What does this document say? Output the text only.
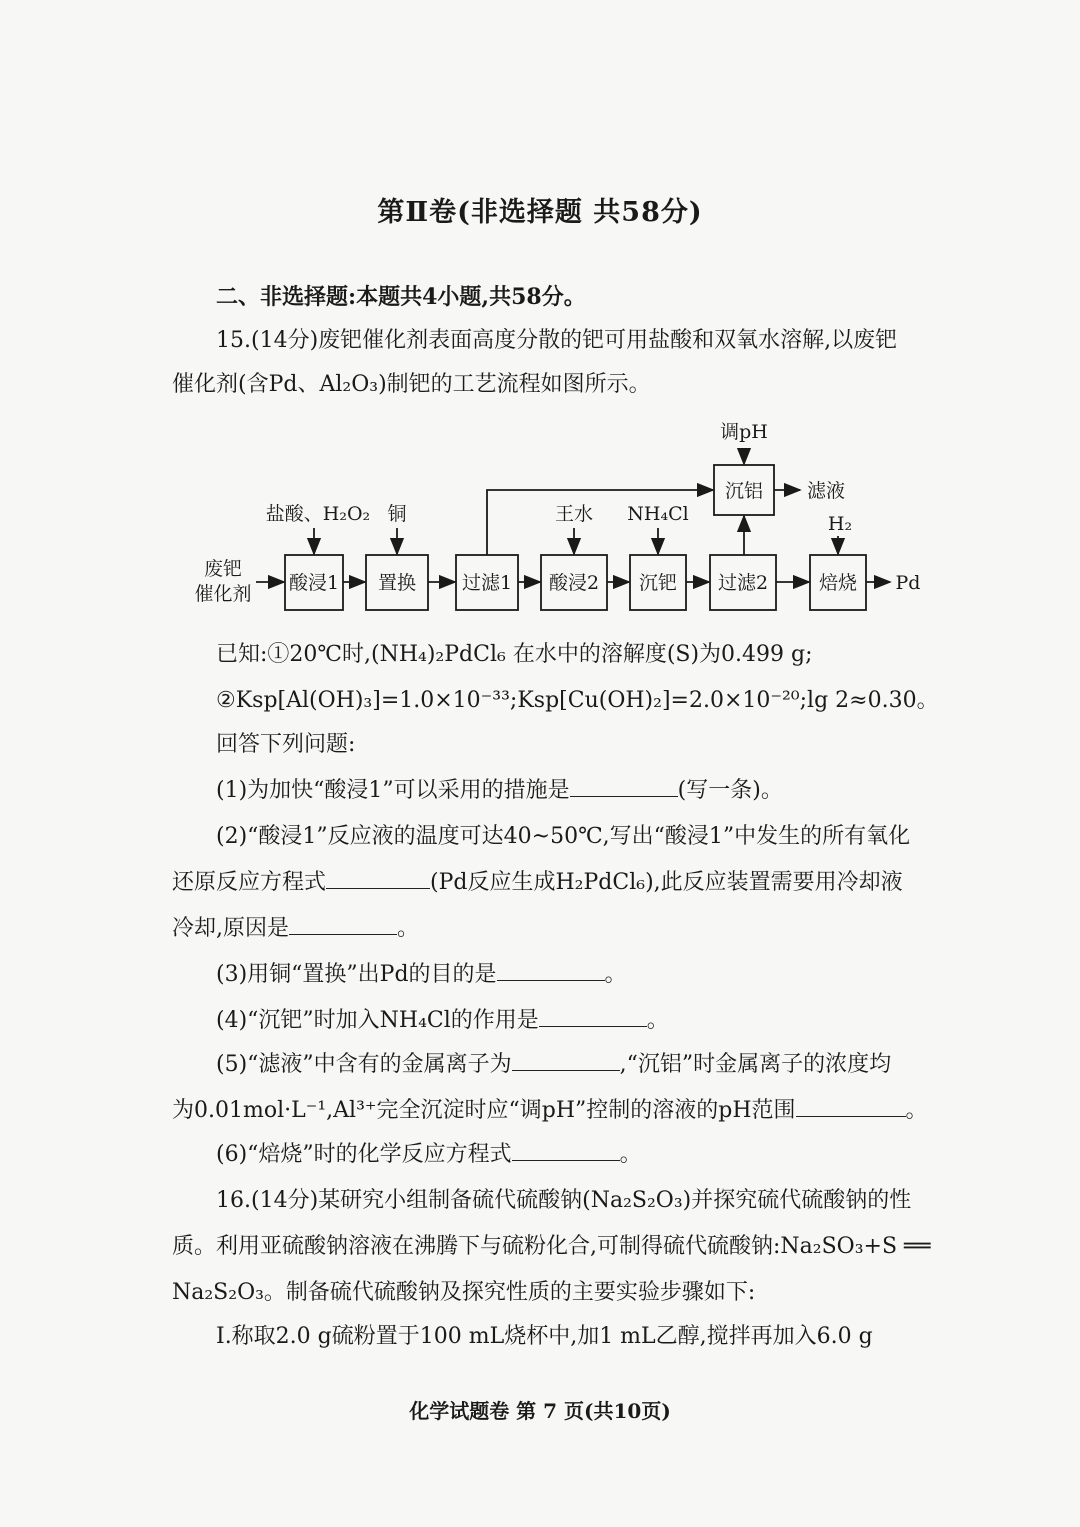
第Ⅱ卷(非选择题 共58分)
二、非选择题:本题共4小题,共58分。
15.(14分)废钯催化剂表面高度分散的钯可用盐酸和双氧水溶解,以废钯
催化剂(含Pd、Al₂O₃)制钯的工艺流程如图所示。
废钯
催化剂 酸浸1 置换 过滤1 酸浸2 沉钯 过滤2	焙烧
沉铝
盐酸、H₂O₂ 铜	王水 NH₄Cl	H₂
调pH
滤液
Pd
已知:①20℃时,(NH₄)₂PdCl₆ 在水中的溶解度(S)为0.499 g;
②Ksp[Al(OH)₃]=1.0×10⁻³³;Ksp[Cu(OH)₂]=2.0×10⁻²⁰;lg 2≈0.30。
回答下列问题:
(1)为加快“酸浸1”可以采用的措施是	(写一条)。
(2)“酸浸1”反应液的温度可达40~50℃,写出“酸浸1”中发生的所有氧化
还原反应方程式	(Pd反应生成H₂PdCl₆),此反应装置需要用冷却液
冷却,原因是	。
(3)用铜“置换”出Pd的目的是	。
(4)“沉钯”时加入NH₄Cl的作用是	。
(5)“滤液”中含有的金属离子为	,“沉铝”时金属离子的浓度均
为0.01mol·L⁻¹,Al³⁺完全沉淀时应“调pH”控制的溶液的pH范围	。
(6)“焙烧”时的化学反应方程式	。
16.(14分)某研究小组制备硫代硫酸钠(Na₂S₂O₃)并探究硫代硫酸钠的性
质。利用亚硫酸钠溶液在沸腾下与硫粉化合,可制得硫代硫酸钠:Na₂SO₃+S ══
Na₂S₂O₃。制备硫代硫酸钠及探究性质的主要实验步骤如下:
Ⅰ.称取2.0 g硫粉置于100 mL烧杯中,加1 mL乙醇,搅拌再加入6.0 g
化学试题卷 第 7 页(共10页)
